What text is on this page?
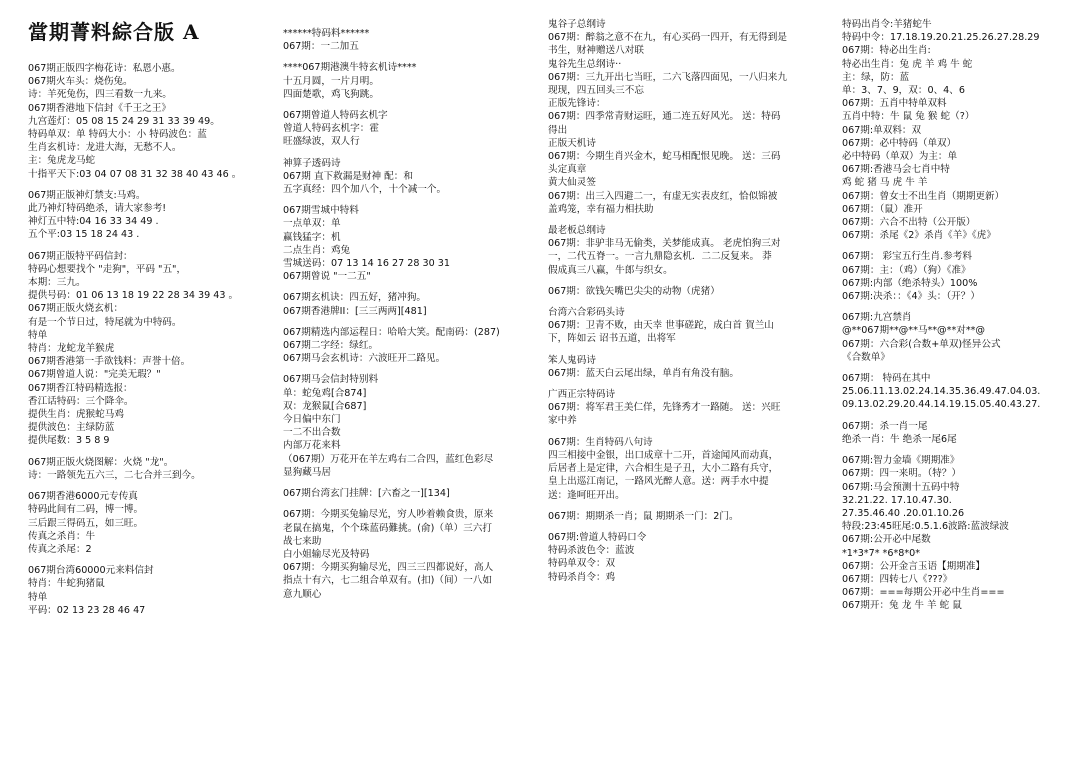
當期菁料綜合版 A
067期正版四字梅花诗：私恩小惠。
067期火车头：烧伤兔。
诗：羊死兔伤，四三看数一九来。
067期香港地下信封《千王之王》
九宫莲灯：05 08 15 24 29 31 33 39 49。
特码单双：单 特码大小：小 特码波色：蓝
生肖玄机诗：龙进大海，无愁不人。
主：兔虎龙马蛇
十指平天下:03 04 07 08 31 32 38 40 43 46 。
067期正版神灯禁支:马鸡。
此乃神灯特码绝杀，请大家参考!
神灯五中特:04 16 33 34 49 .
五个平:03 15 18 24 43 .
067期正版特平码信封：
特码心想要找个 "走狗"，平码 "五"，
本期：三九。
提供号码：01 06 13 18 19 22 28 34 39 43 。
067期正版火烧玄机：
有是一个节日过，特尾就为中特码。
特单
特肖：龙蛇龙羊猴虎
067期香港第一手欲钱料：声誉十倍。
067期曾道人说："完美无瑕？"
067期香江特码精选报：
香江话特码：三个降伞。
提供生肖：虎猴蛇马鸡
提供波色：主绿防蓝
提供尾数：3 5 8 9
067期正版火烧图解：火烧 "龙"。
诗：一路领先五六三，二七合并三到今。
067期香港6000元专传真
特码此间有二码，博一博。
三后跟三得码五，如三旺。
传真之杀肖：牛
传真之杀尾：2
067期台湾60000元来料信封
特肖：牛蛇狗猪鼠
特单
平码：02 13 23 28 46 47
******特码料******
067期：一二加五
****067期港澳牛特玄机诗****
十五月圆，一片月明。
四面楚歌，鸡飞狗跳。
067期曾道人特码玄机字
曾道人特码玄机字：霍
旺盛绿波，双人行
神算子透码诗
067期 直下救漏是财神 配：和
五字真经：四个加八个，十个减一个。
067期雪城中特料
一点单双：单
赢钱猛字：机
二点生肖：鸡兔
雪城送码：07 13 14 16 27 28 30 31
067期曾说 "一二五"
067期玄机诀：四五好，猪冲狗。
067期香港牌II：[三三两两][481]
067期精选内部运程日：哈哈大笑。配南码：(287)
067期二字经：绿红。
067期马会玄机诗：六波旺开二路见。
067期马会信封特别料
单：蛇兔鸡[合874]
双：龙猴鼠[合687]
今日偏中东门
一二不出合数
内部万花来料
（067期）万花开在羊左鸡右二合四，蓝红色彩尽
显狗藏马居
067期台湾玄门挂牌：[六畜之一][134]
067期：今期买兔输尽光，穷人吵着赖食贵，原来
老鼠在搞鬼，个个珠蓝码難挑。(俞)（单）三六打
战七来助
白小姐输尽光及特码
067期：今期买狗输尽光，四三三四都说好，高人
指点十有六，七二组合单双有。(扣)（间）一八如
意九顺心
鬼谷子总纲诗
067期：醉翁之意不在九，有心买码一四开，有无得到是
书生，财神赠送八对联
鬼谷先生总纲诗··
067期：三九开出七当旺，二六飞落四面见，一八归来九
现现，四五回头三不忘
正版先锋诗：
067期：四季常青财运旺，通二连五好风光。 送：特码
得出
正版天机诗
067期：今期生肖兴金木，蛇马相配恨见晚。 送：三码
头定真章
黄大仙灵签
067期：出三入四避二一，有虚无实表皮红，恰似锦被
盖鸡笼，幸有福力相扶助
最老板总纲诗
067期：非驴非马无偷类，关梦能成真。 老虎怕狗三对
一，二代五脊一。一言九鼎隐玄机．二二反复来。 莽
假成真三八赢，牛郎与织女。
067期：欲钱矢嘴巴尖尖的动物（虎猪）
台湾六合彩码头诗
067期：卫青不败，由天幸 世事磋跎，成白首 賀兰山
下，阵如云 诏书五道，出将军
笨人鬼码诗
067期：蓝天白云尾出绿，单肖有角没有脑。
广西正宗特码诗
067期：将军君王美仁佯，先锋秀才一路随。 送：兴旺
家中养
067期：生肖特码八句诗
四三相接中金银，出口成章十二开，首途闻风而动真，
后居者上是定律，六合相生是子丑，大小二路有兵守，
皇上出巡江南记，一路风光醉人意。送：两手水中提
送：逢呵旺开出。
067期：期期杀一肖；鼠 期期杀一门：2门。
067期:曾道人特码口令
特码杀波色令：蓝波
特码单双令：双
特码杀肖令：鸡
特码出肖令:羊猪蛇牛
特码中令：17.18.19.20.21.25.26.27.28.29
067期：特必出生肖:
特必出生肖：兔 虎 羊 鸡 牛 蛇
主：绿，防：蓝
单：3、7、9，双：0、4、6
067期：五肖中特单双料
五肖中特：牛 鼠 兔 猴 蛇（?）
067期:单双料：双
067期：必中特码（单双）
必中特码（单双）为主：单
067期:香港马会七肖中特
鸡 蛇 猪 马 虎 牛 羊
067期：曾女士不出生肖（期期更新）
067期：（鼠）准开
067期：六合不出特（公开版）
067期：杀尾《2》杀肖《羊》《虎》
067期： 彩宝五行生肖.参考料
067期：主：（鸡）（狗）《准》
067期:内部（绝杀特头）100%
067期:决杀：：《4》头：（开？）
067期:九宫禁肖
@**067期**@**马**@**对**@
067期：六合彩(合数+单双)怪异公式
《合数单》
067期： 特码在其中
25.06.11.13.02.24.14.35.36.49.47.04.03.
09.13.02.29.20.44.14.19.15.05.40.43.27.
067期：杀一肖一尾
绝杀一肖：牛 绝杀一尾6尾
067期:智力金墙《期期准》
067期：四一来明。（特？）
067期:马会预测十五码中特
32.21.22. 17.10.47.30.
27.35.46.40 .20.01.10.26
特段:23:45旺尾:0.5.1.6波路:蓝波绿波
067期:公开必中尾数
*1*3*7* *6*8*0*
067期：公开金言玉语【期期准】
067期：四转七八《???》
067期：===每期公开必中生肖===
067期开：兔 龙 牛 羊 蛇 鼠
